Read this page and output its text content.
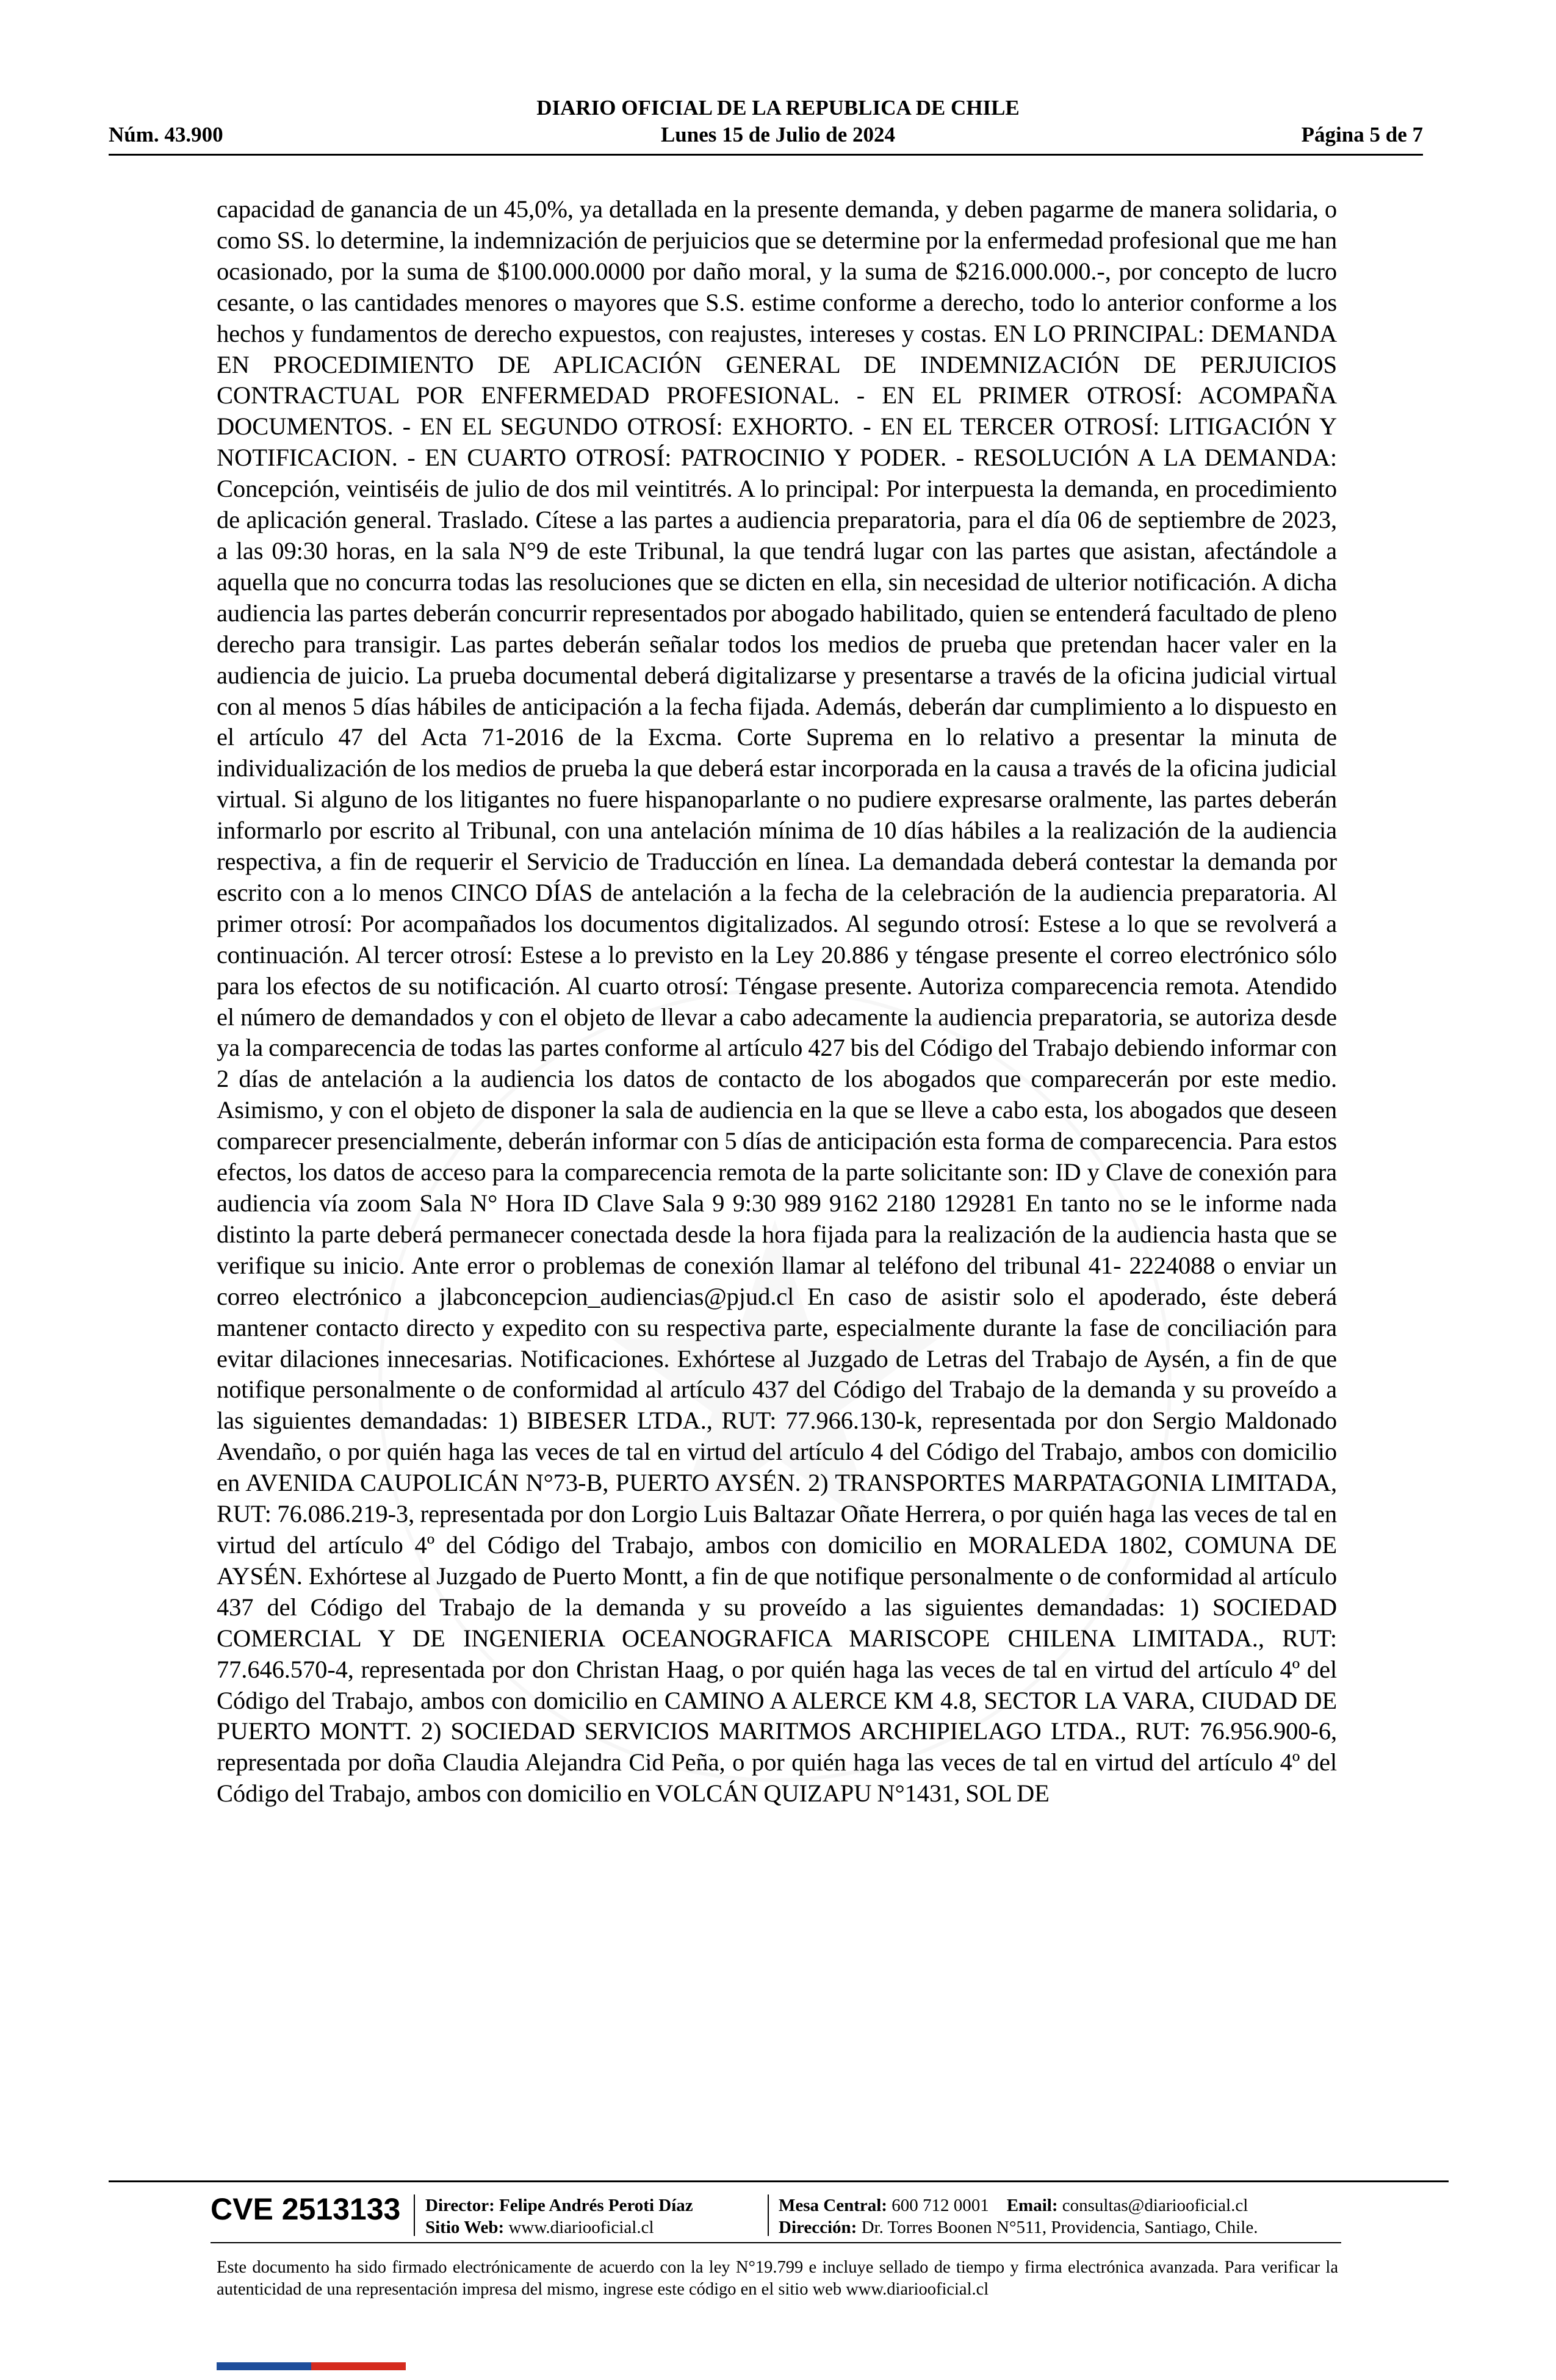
DIARIO OFICIAL DE LA REPUBLICA DE CHILE
Núm. 43.900	Lunes 15 de Julio de 2024	Página 5 de 7

capacidad de ganancia de un 45,0%, ya detallada en la presente demanda, y deben pagarme de manera solidaria, o como SS. lo determine, la indemnización de perjuicios que se determine por la enfermedad profesional que me han ocasionado, por la suma de $100.000.0000 por daño moral, y la suma de $216.000.000.-, por concepto de lucro cesante, o las cantidades menores o mayores que S.S. estime conforme a derecho, todo lo anterior conforme a los hechos y fundamentos de derecho expuestos, con reajustes, intereses y costas. EN LO PRINCIPAL: DEMANDA EN PROCEDIMIENTO DE APLICACIÓN GENERAL DE INDEMNIZACIÓN DE PERJUICIOS CONTRACTUAL POR ENFERMEDAD PROFESIONAL. - EN EL PRIMER OTROSÍ: ACOMPAÑA DOCUMENTOS. - EN EL SEGUNDO OTROSÍ: EXHORTO. - EN EL TERCER OTROSÍ: LITIGACIÓN Y NOTIFICACION. - EN CUARTO OTROSÍ: PATROCINIO Y PODER. - RESOLUCIÓN A LA DEMANDA: Concepción, veintiséis de julio de dos mil veintitrés. A lo principal: Por interpuesta la demanda, en procedimiento de aplicación general. Traslado. Cítese a las partes a audiencia preparatoria, para el día 06 de septiembre de 2023, a las 09:30 horas, en la sala N°9 de este Tribunal, la que tendrá lugar con las partes que asistan, afectándole a aquella que no concurra todas las resoluciones que se dicten en ella, sin necesidad de ulterior notificación. A dicha audiencia las partes deberán concurrir representados por abogado habilitado, quien se entenderá facultado de pleno derecho para transigir. Las partes deberán señalar todos los medios de prueba que pretendan hacer valer en la audiencia de juicio. La prueba documental deberá digitalizarse y presentarse a través de la oficina judicial virtual con al menos 5 días hábiles de anticipación a la fecha fijada. Además, deberán dar cumplimiento a lo dispuesto en el artículo 47 del Acta 71-2016 de la Excma. Corte Suprema en lo relativo a presentar la minuta de individualización de los medios de prueba la que deberá estar incorporada en la causa a través de la oficina judicial virtual. Si alguno de los litigantes no fuere hispanoparlante o no pudiere expresarse oralmente, las partes deberán informarlo por escrito al Tribunal, con una antelación mínima de 10 días hábiles a la realización de la audiencia respectiva, a fin de requerir el Servicio de Traducción en línea. La demandada deberá contestar la demanda por escrito con a lo menos CINCO DÍAS de antelación a la fecha de la celebración de la audiencia preparatoria. Al primer otrosí: Por acompañados los documentos digitalizados. Al segundo otrosí: Estese a lo que se revolverá a continuación. Al tercer otrosí: Estese a lo previsto en la Ley 20.886 y téngase presente el correo electrónico sólo para los efectos de su notificación. Al cuarto otrosí: Téngase presente. Autoriza comparecencia remota. Atendido el número de demandados y con el objeto de llevar a cabo adecamente la audiencia preparatoria, se autoriza desde ya la comparecencia de todas las partes conforme al artículo 427 bis del Código del Trabajo debiendo informar con 2 días de antelación a la audiencia los datos de contacto de los abogados que comparecerán por este medio. Asimismo, y con el objeto de disponer la sala de audiencia en la que se lleve a cabo esta, los abogados que deseen comparecer presencialmente, deberán informar con 5 días de anticipación esta forma de comparecencia. Para estos efectos, los datos de acceso para la comparecencia remota de la parte solicitante son: ID y Clave de conexión para audiencia vía zoom Sala N° Hora ID Clave Sala 9 9:30 989 9162 2180 129281 En tanto no se le informe nada distinto la parte deberá permanecer conectada desde la hora fijada para la realización de la audiencia hasta que se verifique su inicio. Ante error o problemas de conexión llamar al teléfono del tribunal 41- 2224088 o enviar un correo electrónico a jlabconcepcion_audiencias@pjud.cl En caso de asistir solo el apoderado, éste deberá mantener contacto directo y expedito con su respectiva parte, especialmente durante la fase de conciliación para evitar dilaciones innecesarias. Notificaciones. Exhórtese al Juzgado de Letras del Trabajo de Aysén, a fin de que notifique personalmente o de conformidad al artículo 437 del Código del Trabajo de la demanda y su proveído a las siguientes demandadas: 1) BIBESER LTDA., RUT: 77.966.130-k, representada por don Sergio Maldonado Avendaño, o por quién haga las veces de tal en virtud del artículo 4 del Código del Trabajo, ambos con domicilio en AVENIDA CAUPOLICÁN N°73-B, PUERTO AYSÉN. 2) TRANSPORTES MARPATAGONIA LIMITADA, RUT: 76.086.219-3, representada por don Lorgio Luis Baltazar Oñate Herrera, o por quién haga las veces de tal en virtud del artículo 4º del Código del Trabajo, ambos con domicilio en MORALEDA 1802, COMUNA DE AYSÉN. Exhórtese al Juzgado de Puerto Montt, a fin de que notifique personalmente o de conformidad al artículo 437 del Código del Trabajo de la demanda y su proveído a las siguientes demandadas: 1) SOCIEDAD COMERCIAL Y DE INGENIERIA OCEANOGRAFICA MARISCOPE CHILENA LIMITADA., RUT: 77.646.570-4, representada por don Christan Haag, o por quién haga las veces de tal en virtud del artículo 4º del Código del Trabajo, ambos con domicilio en CAMINO A ALERCE KM 4.8, SECTOR LA VARA, CIUDAD DE PUERTO MONTT. 2) SOCIEDAD SERVICIOS MARITMOS ARCHIPIELAGO LTDA., RUT: 76.956.900-6, representada por doña Claudia Alejandra Cid Peña, o por quién haga las veces de tal en virtud del artículo 4º del Código del Trabajo, ambos con domicilio en VOLCÁN QUIZAPU N°1431, SOL DE

CVE 2513133 Director: Felipe Andrés Peroti Díaz
Sitio Web: www.diariooficial.cl
Mesa Central: 600 712 0001 Email: consultas@diariooficial.cl
Dirección: Dr. Torres Boonen N°511, Providencia, Santiago, Chile.
Este documento ha sido firmado electrónicamente de acuerdo con la ley N°19.799 e incluye sellado de tiempo y firma electrónica avanzada. Para verificar la autenticidad de una representación impresa del mismo, ingrese este código en el sitio web www.diariooficial.cl
